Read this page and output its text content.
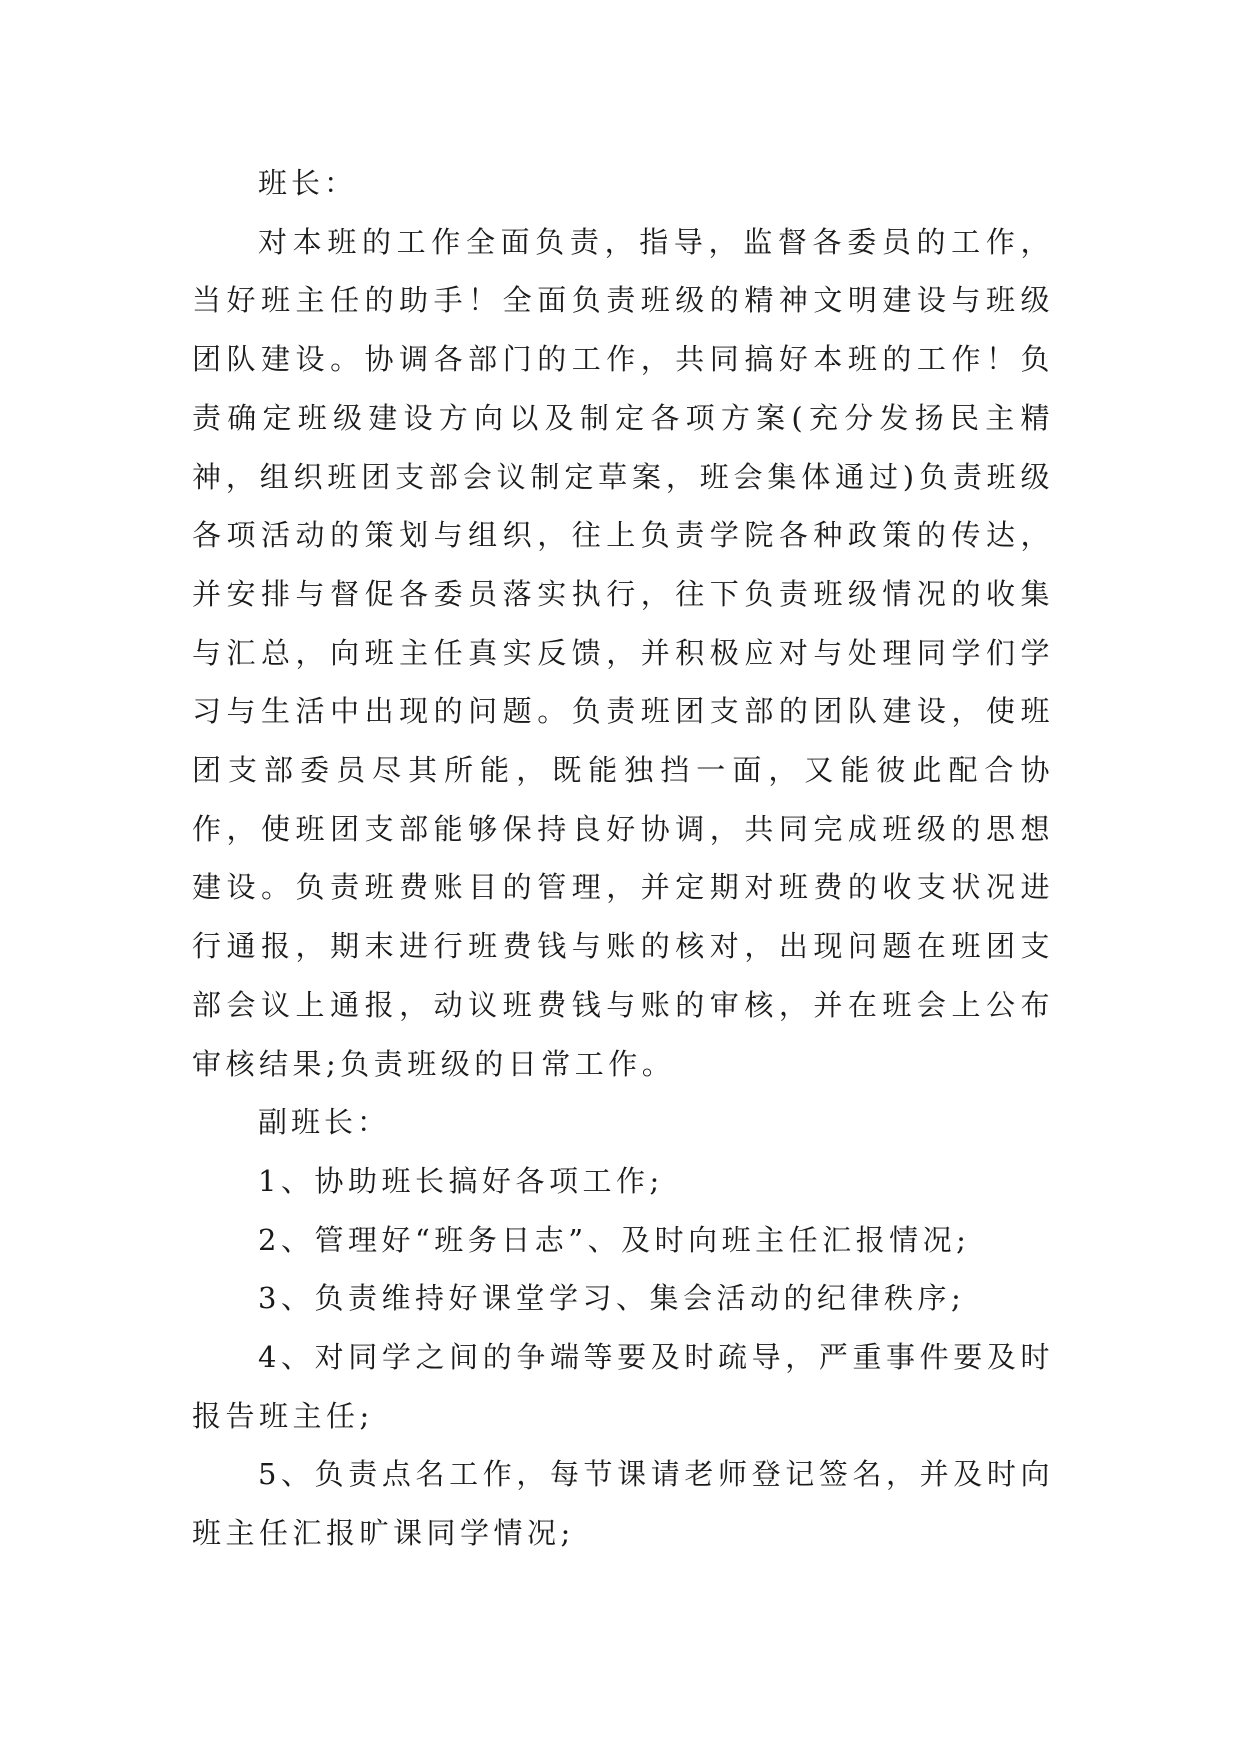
班长：

对本班的工作全面负责，指导，监督各委员的工作，当好班主任的助手！全面负责班级的精神文明建设与班级团队建设。协调各部门的工作，共同搞好本班的工作！负责确定班级建设方向以及制定各项方案(充分发扬民主精神，组织班团支部会议制定草案，班会集体通过)负责班级各项活动的策划与组织，往上负责学院各种政策的传达，并安排与督促各委员落实执行，往下负责班级情况的收集与汇总，向班主任真实反馈，并积极应对与处理同学们学习与生活中出现的问题。负责班团支部的团队建设，使班团支部委员尽其所能，既能独挡一面，又能彼此配合协作，使班团支部能够保持良好协调，共同完成班级的思想建设。负责班费账目的管理，并定期对班费的收支状况进行通报，期末进行班费钱与账的核对，出现问题在班团支部会议上通报，动议班费钱与账的审核，并在班会上公布审核结果;负责班级的日常工作。

副班长：

1、协助班长搞好各项工作;

2、管理好“班务日志”、及时向班主任汇报情况;

3、负责维持好课堂学习、集会活动的纪律秩序;

4、对同学之间的争端等要及时疏导，严重事件要及时报告班主任;

5、负责点名工作，每节课请老师登记签名，并及时向班主任汇报旷课同学情况;
